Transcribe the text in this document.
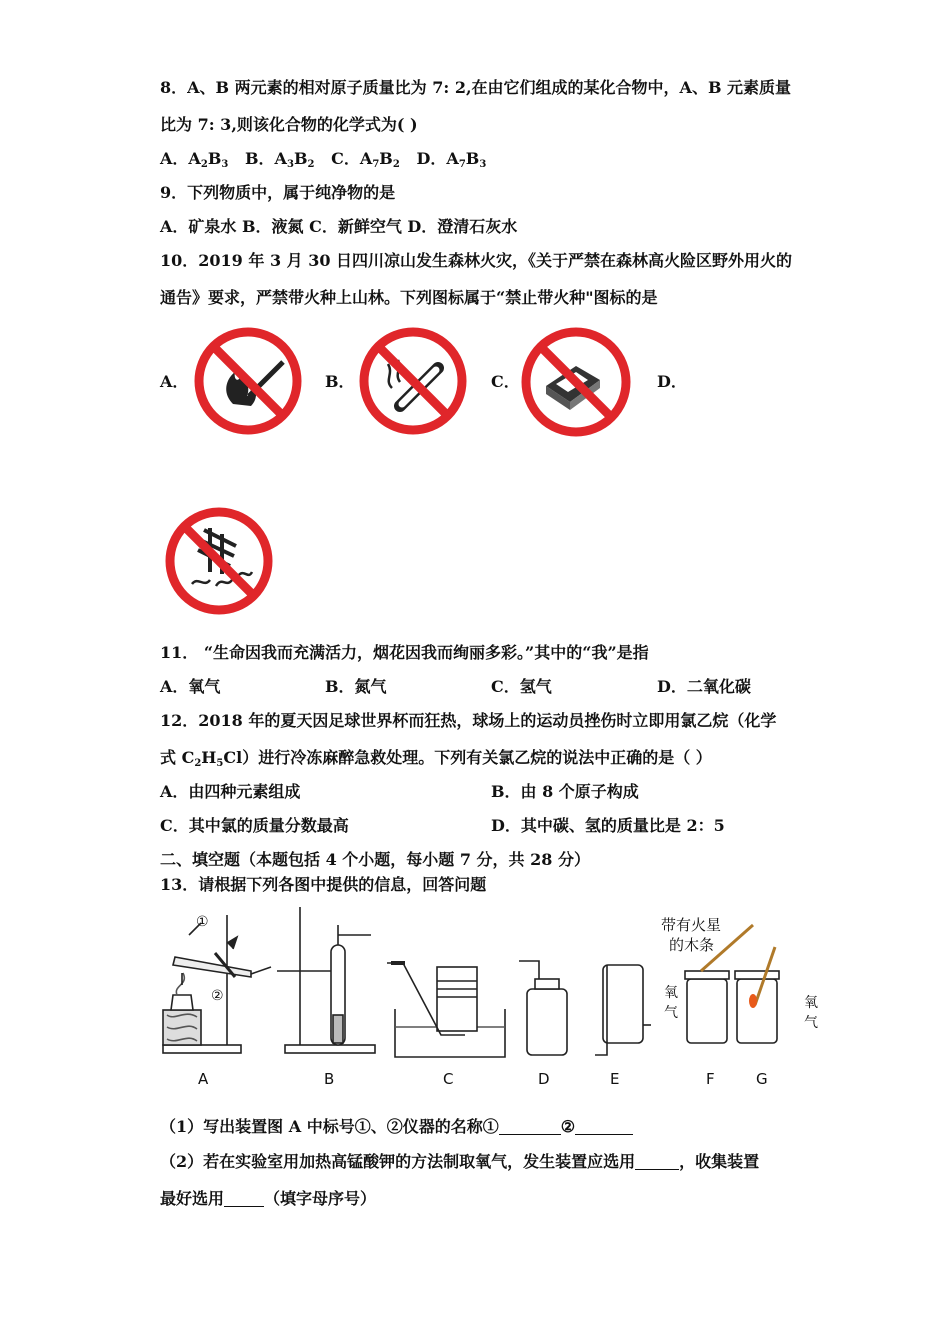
8．A、B 两元素的相对原子质量比为 7: 2,在由它们组成的某化合物中，A、B 元素质量
比为 7: 3,则该化合物的化学式为( )
A．$A_2B_3$ B．$A_3B_2$ C．$A_7B_2$ D．$A_7B_3$
9．下列物质中，属于纯净物的是
A．矿泉水 B．液氮 C．新鲜空气 D．澄清石灰水
10．2019 年 3 月 30 日四川凉山发生森林火灾，《关于严禁在森林高火险区野外用火的
通告》要求，严禁带火种上山林。下列图标属于“禁止带火种"图标的是
A．	B．	C．	D．
11． “生命因我而充满活力，烟花因我而绚丽多彩。”其中的“我”是指
A．氧气	B．氮气	C．氢气	D．二氧化碳
12．2018 年的夏天因足球世界杯而狂热，球场上的运动员挫伤时立即用氯乙烷（化学
式 $C_2H_5Cl$）进行冷冻麻醉急救处理。下列有关氯乙烷的说法中正确的是（ ）
A．由四种元素组成	B．由 8 个原子构成
C．其中氯的质量分数最高	D．其中碳、氢的质量比是 2：5
二、填空题（本题包括 4 个小题，每小题 7 分，共 28 分）
13．请根据下列各图中提供的信息，回答问题
①
②
带有火星
的木条
氧
气
氧
气
A	B	C	D	E	F	G
（1）写出装置图 A 中标号①、②仪器的名称①	②
（2）若在实验室用加热高锰酸钾的方法制取氧气，发生装置应选用	，收集装置
最好选用	（填字母序号）
